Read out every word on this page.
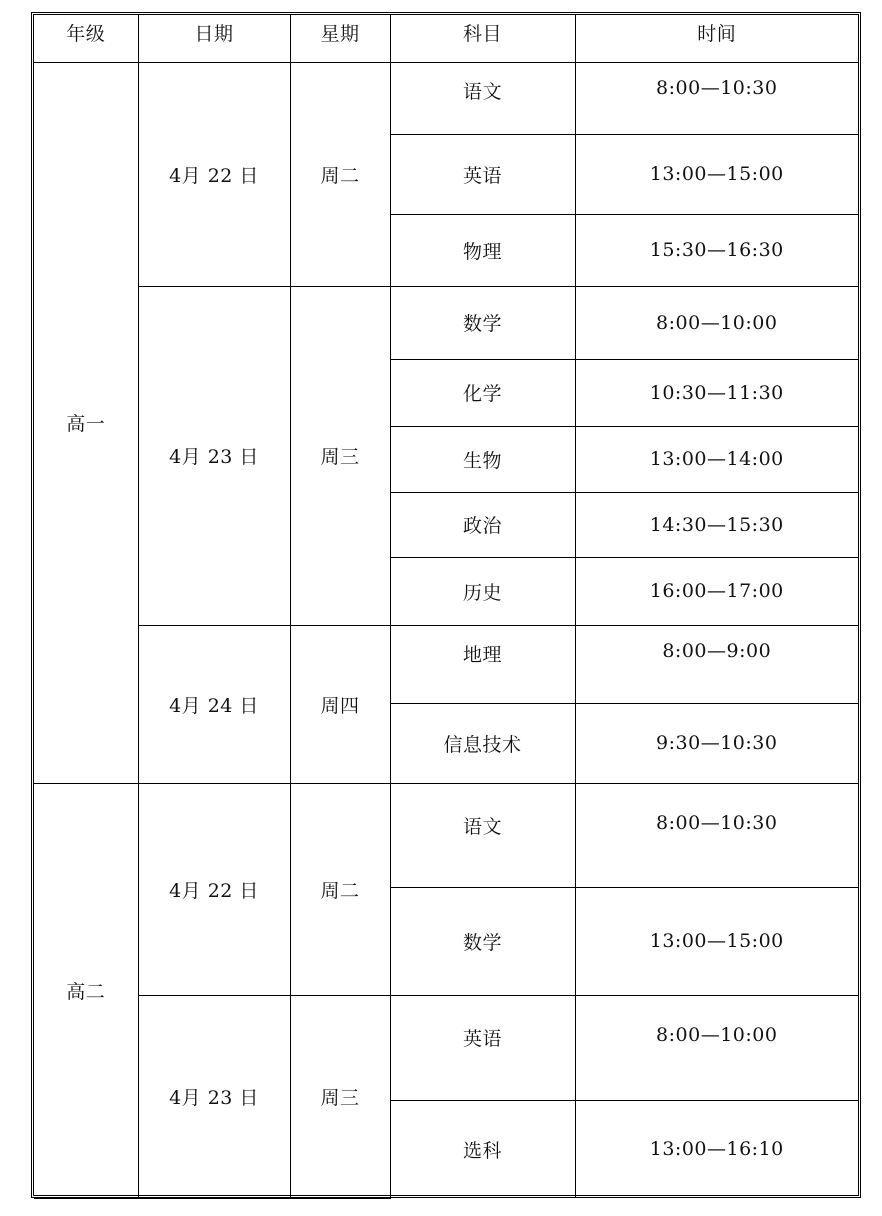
年级	日期	星期	科目	时间
高一	4月 22 日	周二	语文	8:00—10:30
			英语	13:00—15:00
			物理	15:30—16:30
	4月 23 日	周三	数学	8:00—10:00
			化学	10:30—11:30
			生物	13:00—14:00
			政治	14:30—15:30
			历史	16:00—17:00
	4月 24 日	周四	地理	8:00—9:00
			信息技术	9:30—10:30
高二	4月 22 日	周二	语文	8:00—10:30
			数学	13:00—15:00
	4月 23 日	周三	英语	8:00—10:00
			选科	13:00—16:10
